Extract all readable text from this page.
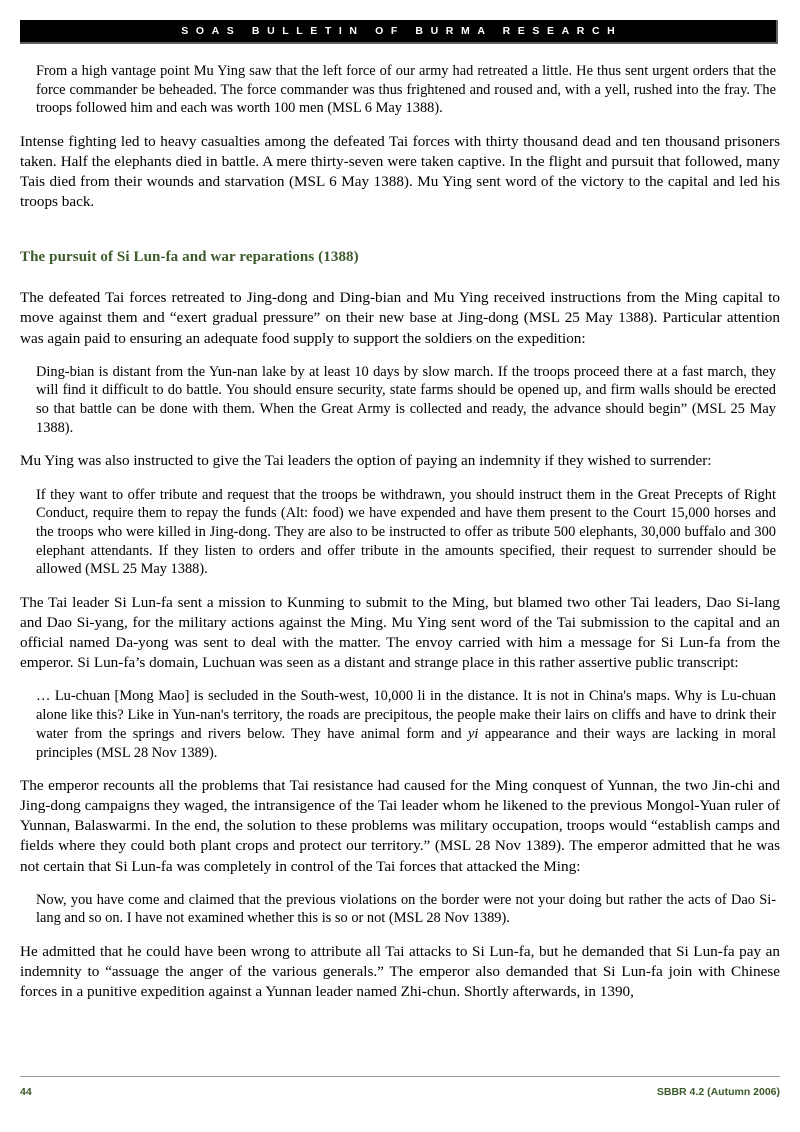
SOAS BULLETIN OF BURMA RESEARCH

From a high vantage point Mu Ying saw that the left force of our army had retreated a little. He thus sent urgent orders that the force commander be beheaded. The force commander was thus frightened and roused and, with a yell, rushed into the fray. The troops followed him and each was worth 100 men (MSL 6 May 1388).

Intense fighting led to heavy casualties among the defeated Tai forces with thirty thousand dead and ten thousand prisoners taken. Half the elephants died in battle. A mere thirty-seven were taken captive. In the flight and pursuit that followed, many Tais died from their wounds and starvation (MSL 6 May 1388). Mu Ying sent word of the victory to the capital and led his troops back.

The pursuit of Si Lun-fa and war reparations (1388)

The defeated Tai forces retreated to Jing-dong and Ding-bian and Mu Ying received instructions from the Ming capital to move against them and “exert gradual pressure” on their new base at Jing-dong (MSL 25 May 1388). Particular attention was again paid to ensuring an adequate food supply to support the soldiers on the expedition:

Ding-bian is distant from the Yun-nan lake by at least 10 days by slow march. If the troops proceed there at a fast march, they will find it difficult to do battle. You should ensure security, state farms should be opened up, and firm walls should be erected so that battle can be done with them. When the Great Army is collected and ready, the advance should begin” (MSL 25 May 1388).

Mu Ying was also instructed to give the Tai leaders the option of paying an indemnity if they wished to surrender:

If they want to offer tribute and request that the troops be withdrawn, you should instruct them in the Great Precepts of Right Conduct, require them to repay the funds (Alt: food) we have expended and have them present to the Court 15,000 horses and the troops who were killed in Jing-dong. They are also to be instructed to offer as tribute 500 elephants, 30,000 buffalo and 300 elephant attendants. If they listen to orders and offer tribute in the amounts specified, their request to surrender should be allowed (MSL 25 May 1388).

The Tai leader Si Lun-fa sent a mission to Kunming to submit to the Ming, but blamed two other Tai leaders, Dao Si-lang and Dao Si-yang, for the military actions against the Ming. Mu Ying sent word of the Tai submission to the capital and an official named Da-yong was sent to deal with the matter. The envoy carried with him a message for Si Lun-fa from the emperor. Si Lun-fa’s domain, Luchuan was seen as a distant and strange place in this rather assertive public transcript:

… Lu-chuan [Mong Mao] is secluded in the South-west, 10,000 li in the distance. It is not in China's maps. Why is Lu-chuan alone like this? Like in Yun-nan's territory, the roads are precipitous, the people make their lairs on cliffs and have to drink their water from the springs and rivers below. They have animal form and yi appearance and their ways are lacking in moral principles (MSL 28 Nov 1389).

The emperor recounts all the problems that Tai resistance had caused for the Ming conquest of Yunnan, the two Jin-chi and Jing-dong campaigns they waged, the intransigence of the Tai leader whom he likened to the previous Mongol-Yuan ruler of Yunnan, Balaswarmi. In the end, the solution to these problems was military occupation, troops would “establish camps and fields where they could both plant crops and protect our territory.” (MSL 28 Nov 1389). The emperor admitted that he was not certain that Si Lun-fa was completely in control of the Tai forces that attacked the Ming:

Now, you have come and claimed that the previous violations on the border were not your doing but rather the acts of Dao Si-lang and so on. I have not examined whether this is so or not (MSL 28 Nov 1389).

He admitted that he could have been wrong to attribute all Tai attacks to Si Lun-fa, but he demanded that Si Lun-fa pay an indemnity to “assuage the anger of the various generals.” The emperor also demanded that Si Lun-fa join with Chinese forces in a punitive expedition against a Yunnan leader named Zhi-chun. Shortly afterwards, in 1390,

44	SBBR 4.2 (Autumn 2006)
